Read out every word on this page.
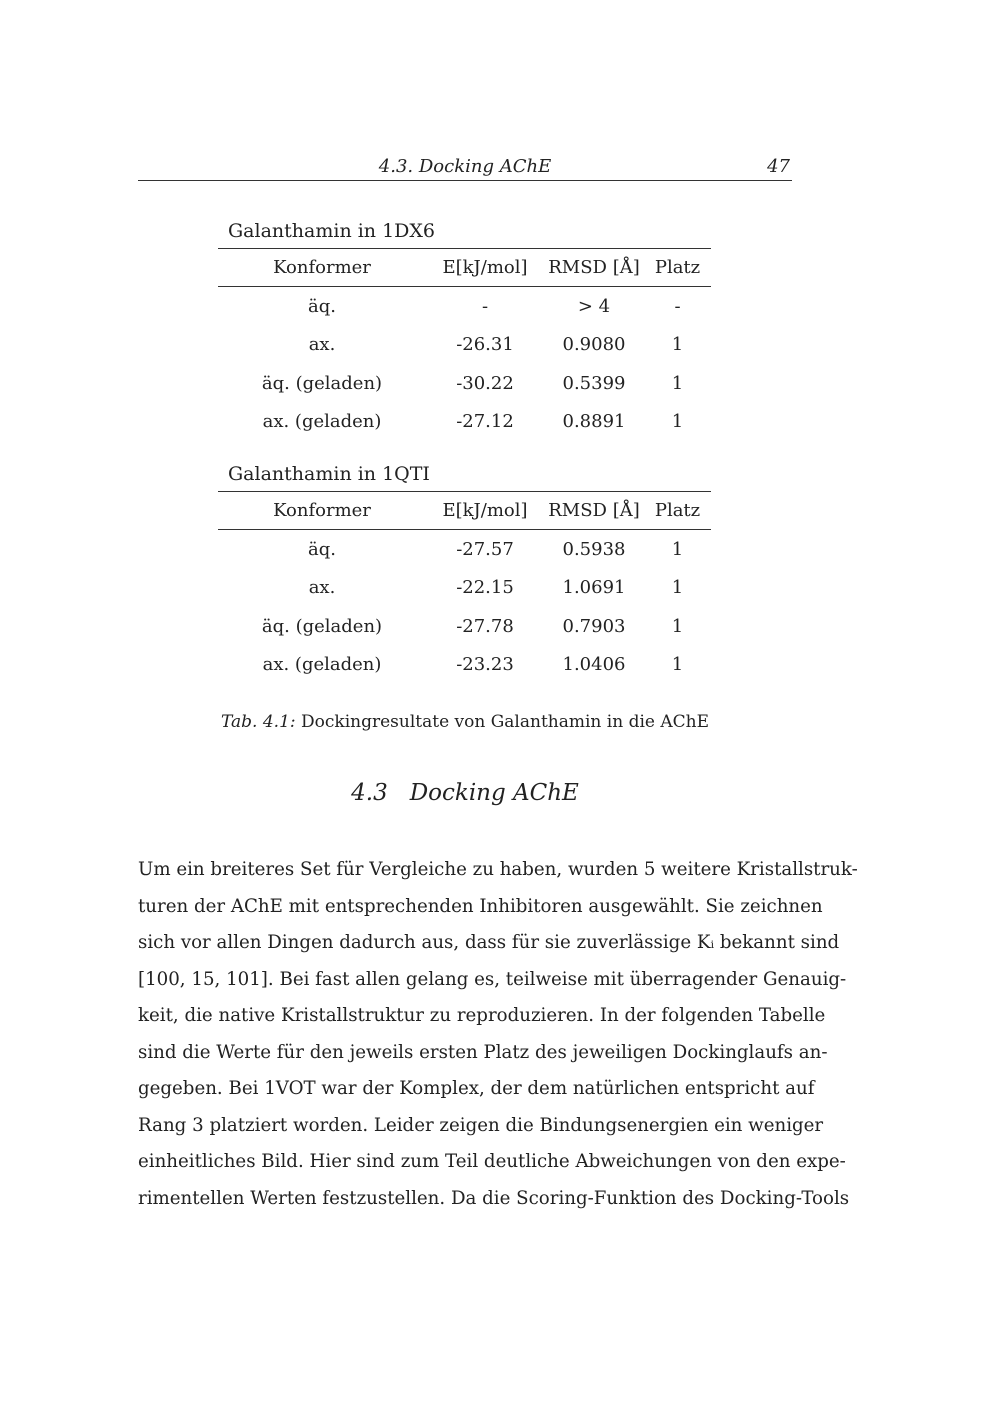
4.3. Docking AChE	47
Galanthamin in 1DX6
Konformer	E[kJ/mol]	RMSD [Å]	Platz
äq.	-	> 4	-
ax.	-26.31	0.9080	1
äq. (geladen)	-30.22	0.5399	1
ax. (geladen)	-27.12	0.8891	1
Galanthamin in 1QTI
Konformer	E[kJ/mol]	RMSD [Å]	Platz
äq.	-27.57	0.5938	1
ax.	-22.15	1.0691	1
äq. (geladen)	-27.78	0.7903	1
ax. (geladen)	-23.23	1.0406	1
Tab. 4.1: Dockingresultate von Galanthamin in die AChE
4.3 Docking AChE
Um ein breiteres Set für Vergleiche zu haben, wurden 5 weitere Kristallstruk-
turen der AChE mit entsprechenden Inhibitoren ausgewählt. Sie zeichnen
sich vor allen Dingen dadurch aus, dass für sie zuverlässige Kᵢ bekannt sind
[100, 15, 101]. Bei fast allen gelang es, teilweise mit überragender Genauig-
keit, die native Kristallstruktur zu reproduzieren. In der folgenden Tabelle
sind die Werte für den jeweils ersten Platz des jeweiligen Dockinglaufs an-
gegeben. Bei 1VOT war der Komplex, der dem natürlichen entspricht auf
Rang 3 platziert worden. Leider zeigen die Bindungsenergien ein weniger
einheitliches Bild. Hier sind zum Teil deutliche Abweichungen von den expe-
rimentellen Werten festzustellen. Da die Scoring-Funktion des Docking-Tools
